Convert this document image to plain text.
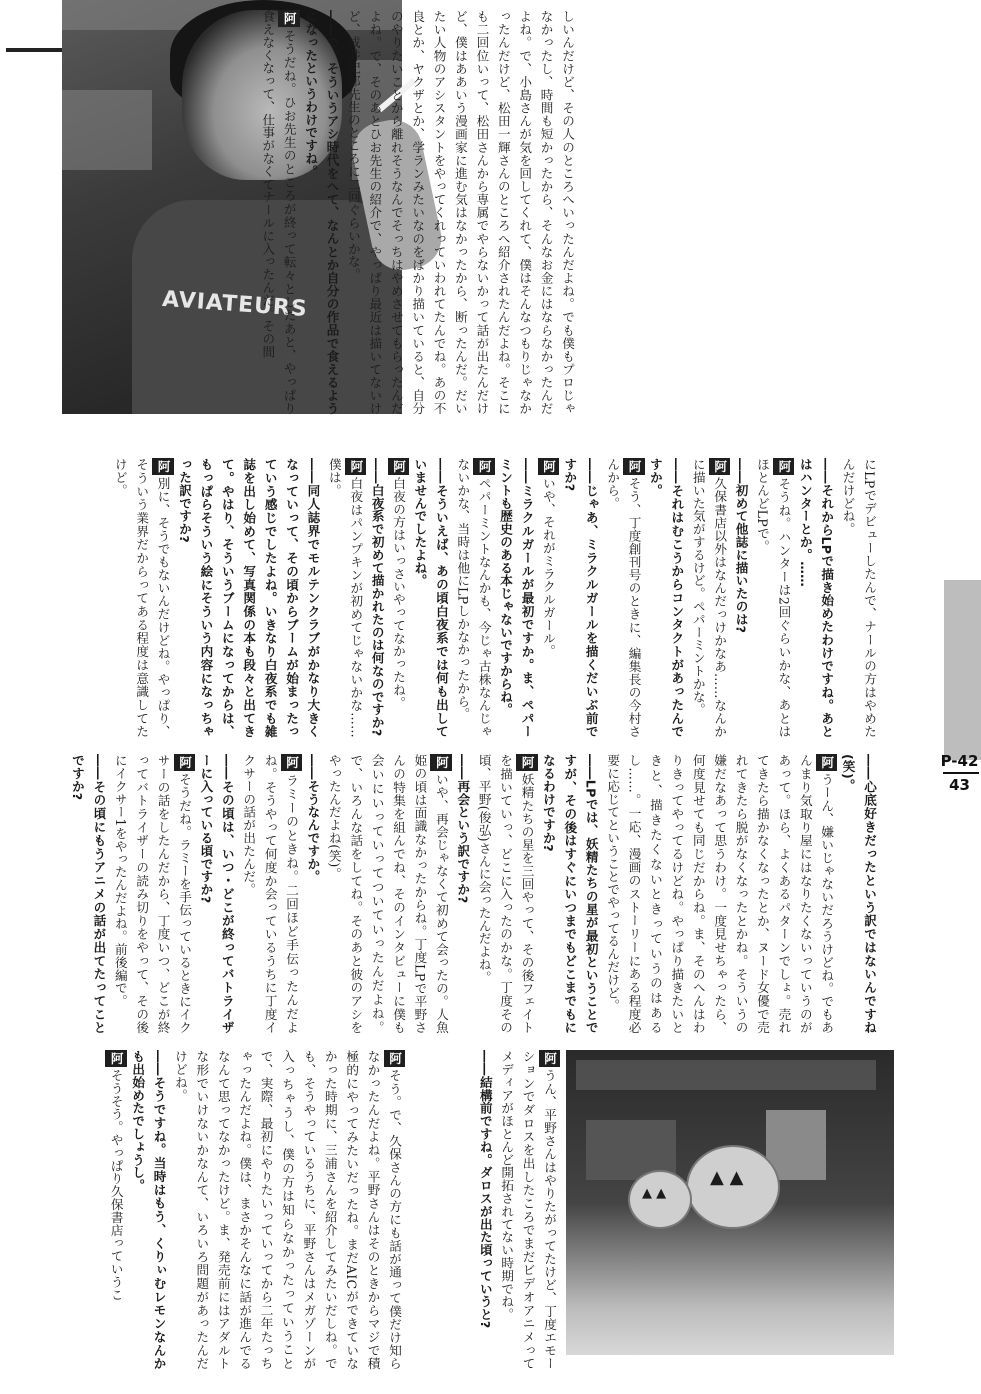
AVIATEURS
▲ ▲
▲ ▲

しいんだけど、その人のところへいったんだよね。でも僕もプロじゃなかったし、時間も短かったから、そんなお金にはならなかったんだよね。で、小島さんが気を回してくれて、僕はそんなつもりじゃなかったんだけど、松田一輝さんのところへ紹介されたんだよね。そこにも二回位いって、松田さんから専属でやらないかって話が出たんだけど、僕はああいう漫画家に進む気はなかったから、断ったんだ。だいたい人物のアシスタントをやってくれっていわれてたんでね。あの不良とか、ヤクザとか、学ランみたいなのをばかり描いていると、自分のやりたいことから離れそうなんでそっちはやめさせてもらったんだよね。で、そのあとひお先生の紹介で、やっぱり最近は描いてないけど、成井紀郎先生のところに二回ぐらいかな。

――で、そういうアシ時代をへて、なんとか自分の作品で食えるようになったというわけですね。

阿そうだね。ひお先生のところが終って転々としたあと、やっぱり食えなくなって、仕事がなくてナールに入ったんだ。その間

にLPでデビューしたんで、ナールの方はやめたんだけどね。

――それからLPで描き始めたわけですね。あとはハンターとか。……

阿そうね。ハンターは2回ぐらいかな、あとはほとんどLPで。

――初めて他誌に描いたのは?

阿久保書店以外はなんだっけかなあ……なんかに描いた気がするけど。ペパーミントかな。

――それはむこうからコンタクトがあったんですか。

阿そう、丁度創刊号のときに、編集長の今村さんから。

――じゃあ、ミラクルガールを描くだいぶ前ですか?

阿いや、それがミラクルガール。

――ミラクルガールが最初ですか。ま、ペパーミントも歴史のある本じゃないですからね。

阿ペパーミントなんかも、今じゃ古株なんじゃないかな、当時は他にLPしかなかったから。

――そういえば、あの頃白夜系では何も出していませんでしたよね。

阿白夜の方はいっさいやってなかったね。

――白夜系で初めて描かれたのは何なのですか?

阿白夜はパンプキンが初めてじゃないかな……僕は。

――同人誌界でモルテンクラブがかなり大きくなっていって、その頃からブームが始まったっていう感じでしたよね。いきなり白夜系でも雑誌を出し始めて、写真関係の本も段々と出てきて。やはり、そういうブームになってからは、もっぱらそういう絵にそういう内容になっちゃった訳ですか?

阿別に、そうでもないんだけどね。やっぱり、そういう業界だからってある程度は意識してたけど。

――心底好きだったという訳ではないんですね(笑)。

阿うーん、嫌いじゃないだろうけどね。でもあんまり気取り屋にはなりたくないっていうのがあって。ほら、よくあるパターンでしょ。売れてきたら描かなくなったとか、ヌード女優で売れてきたら脱がなくなったとかね。そういうの嫌だなあって思うわけ。一度見せちゃったら、何度見せても同じだからね。ま、そのへんはわりきってやってるけどね。やっぱり描きたいときと、描きたくないときっていうのはあるし……。一応、漫画のストーリーにある程度必要に応じてということでやってるんだけど。

――LPでは、妖精たちの星が最初ということですが、その後はすぐにいつまでもどこまでもになるわけですか?

阿妖精たちの星を三回やって、その後フェイトを描いていっ、どこに入ったのかな。丁度その頃、平野(俊弘)さんに会ったんだよね。

――再会という訳ですか?

阿いや、再会じゃなくて初めて会ったの。人魚姫の頃は面識なかったからね。丁度LPで平野さんの特集を組んでね、そのインタビューに僕も会いにいっていってついていったんだよね。で、いろんな話をしてね。そのあと彼のアシをやったんだよね(笑)。

――そうなんですか。

阿ラミーのときね。二回ほど手伝ったんだよね。そうやって何度か会っているうちに丁度イクサーの話が出たんだ。

――その頃は、いつ・どこが終ってバトライザーに入っている頃ですか?

阿そうだね。ラミーを手伝っているときにイクサーの話をしたんだから、丁度いつ、どこが終ってバトライザーの読み切りをやって、その後にイクサー1をやったんだよね。前後編で。

――その頃にもうアニメの話が出てたってことですか?

阿うん、平野さんはやりたがってたけど、丁度エモーションでダロスを出したころでまだビデオアニメってメディアがほとんど開拓されてない時期でね。

――結構前ですね。ダロスが出た頃っていうと?

阿そう。で、久保さんの方にも話が通って僕だけ知らなかったんだよね。平野さんはそのときからマジで積極的にやってみたいだったね。まだAICができていなかった時期に、三浦さんを紹介してみたいだしね。でも、そうやっているうちに、平野さんはメガゾーンが入っちゃうし、僕の方は知らなかったっていうことで、実際、最初にやりたいっていってから二年たっちゃったんだよね。僕は、まさかそんなに話が進んでるなんて思ってなかったけど。ま、発売前にはアダルトな形でいけないかなんて、いろいろ問題があったんだけどね。

――そうですね。当時はもう、くりぃむレモンなんかも出始めたでしょうし。

阿そうそう。やっぱり久保書店っていうこ

P-42
43
